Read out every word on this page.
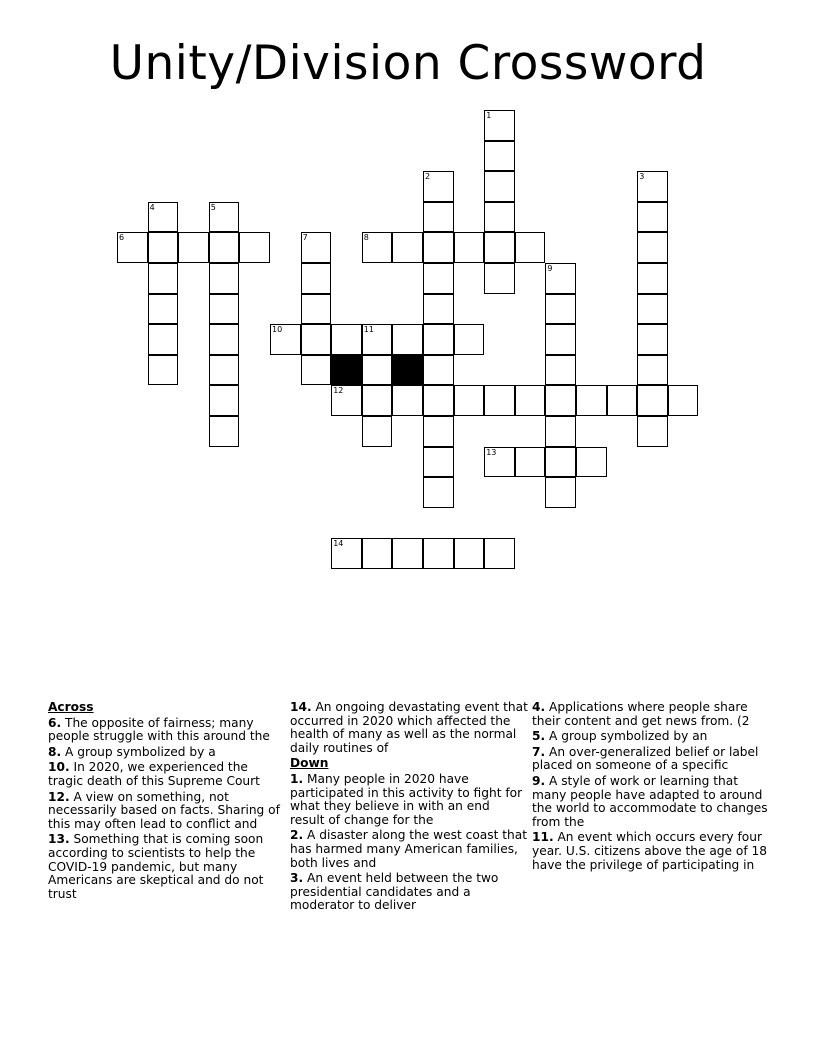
Unity/Division Crossword
1
2	3
4	5
6	7	8
9
10	11
12
13
14
Across
6. The opposite of fairness; many people struggle with this around the
8. A group symbolized by a
10. In 2020, we experienced the tragic death of this Supreme Court
12. A view on something, not necessarily based on facts. Sharing of this may often lead to conflict and
13. Something that is coming soon according to scientists to help the COVID-19 pandemic, but many Americans are skeptical and do not trust
14. An ongoing devastating event that occurred in 2020 which affected the health of many as well as the normal daily routines of
Down
1. Many people in 2020 have participated in this activity to fight for what they believe in with an end result of change for the
2. A disaster along the west coast that has harmed many American families, both lives and
3. An event held between the two presidential candidates and a moderator to deliver
4. Applications where people share their content and get news from. (2
5. A group symbolized by an
7. An over-generalized belief or label placed on someone of a specific
9. A style of work or learning that many people have adapted to around the world to accommodate to changes from the
11. An event which occurs every four year. U.S. citizens above the age of 18 have the privilege of participating in
